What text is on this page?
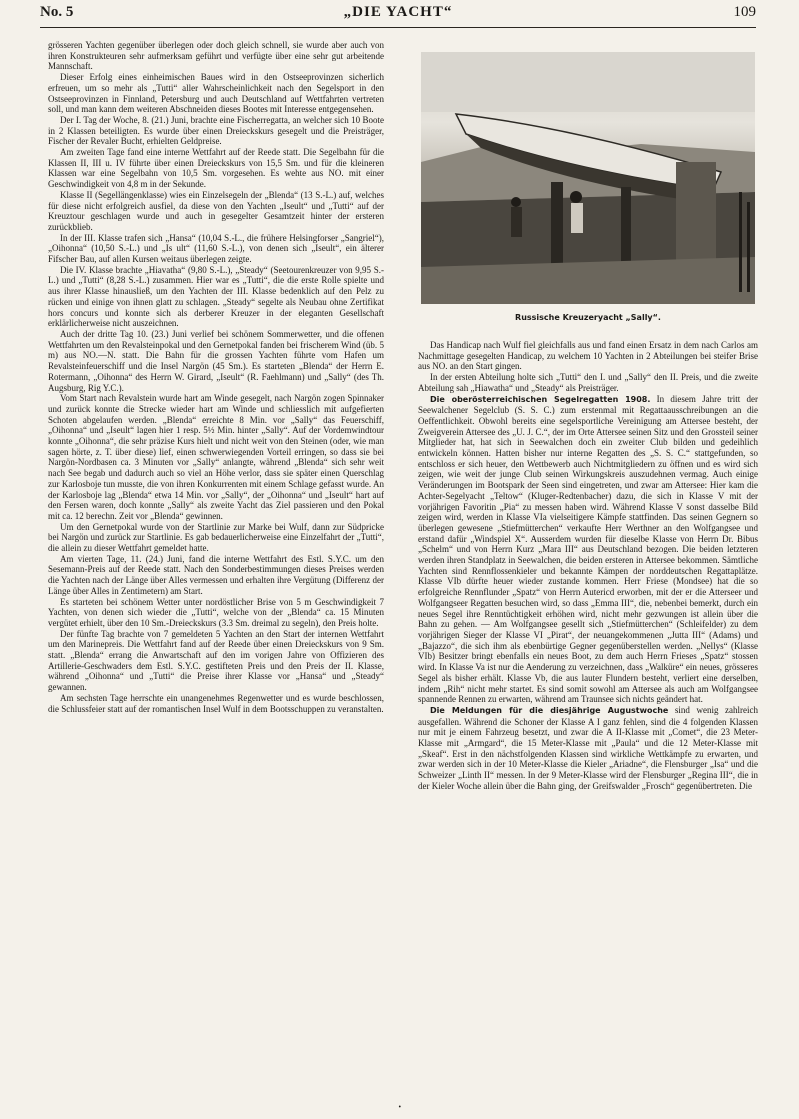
No. 5	„DIE YACHT“	109

grösseren Yachten gegenüber überlegen oder doch gleich schnell, sie wurde aber auch von ihren Konstrukteuren sehr aufmerksam geführt und verfügte über eine sehr gut arbeitende Mannschaft.

Dieser Erfolg eines einheimischen Baues wird in den Ostseeprovinzen sicherlich erfreuen, um so mehr als „Tutti“ aller Wahrscheinlichkeit nach den Segelsport in den Ostseeprovinzen in Finnland, Petersburg und auch Deutschland auf Wettfahrten vertreten soll, und man kann dem weiteren Abschneiden dieses Bootes mit Interesse entgegensehen.

Der I. Tag der Woche, 8. (21.) Juni, brachte eine Fischerregatta, an welcher sich 10 Boote in 2 Klassen beteiligten. Es wurde über einen Dreieckskurs gesegelt und die Preisträger, Fischer der Revaler Bucht, erhielten Geldpreise.

Am zweiten Tage fand eine interne Wettfahrt auf der Reede statt. Die Segelbahn für die Klassen II, III u. IV führte über einen Dreieckskurs von 15,5 Sm. und für die kleineren Klassen war eine Segelbahn von 10,5 Sm. vorgesehen. Es wehte aus NO. mit einer Geschwindigkeit von 4,8 m in der Sekunde.

Klasse II (Segellängenklasse) wies ein Einzelsegeln der „Blenda“ (13 S.-L.) auf, welches für diese nicht erfolgreich ausfiel, da diese von den Yachten „Iseult“ und „Tutti“ auf der Kreuztour geschlagen wurde und auch in gesegelter Gesamtzeit hinter der ersteren zurückblieb.

In der III. Klasse trafen sich „Hansa“ (10,04 S.-L., die frühere Helsingforser „Sangriel“), „Oihonna“ (10,50 S.-L.) und „Is ult“ (11,60 S.-L.), von denen sich „Iseult“, ein älterer Fifscher Bau, auf allen Kursen weitaus überlegen zeigte.

Die IV. Klasse brachte „Hiavatha“ (9,80 S.-L.), „Steady“ (Seetourenkreuzer von 9,95 S.-L.) und „Tutti“ (8,28 S.-L.) zusammen. Hier war es „Tutti“, die die erste Rolle spielte und aus ihrer Klasse hinausließ, um den Yachten der III. Klasse bedenklich auf den Pelz zu rücken und einige von ihnen glatt zu schlagen. „Steady“ segelte als Neubau ohne Zertifikat hors concurs und konnte sich als derberer Kreuzer in der eleganten Gesellschaft erklärlicherweise nicht auszeichnen.

Auch der dritte Tag 10. (23.) Juni verlief bei schönem Sommerwetter, und die offenen Wettfahrten um den Revalsteinpokal und den Gernetpokal fanden bei frischerem Wind (üb. 5 m) aus NO.—N. statt. Die Bahn für die grossen Yachten führte vom Hafen um Revalsteinfeuerschiff und die Insel Nargön (45 Sm.). Es starteten „Blenda“ der Herrn E. Rotermann, „Oihonna“ des Herrn W. Girard, „Iseult“ (R. Faehlmann) und „Sally“ (des Th. Augsburg, Rig Y.C.).

Vom Start nach Revalstein wurde hart am Winde gesegelt, nach Nargön zogen Spinnaker und zurück konnte die Strecke wieder hart am Winde und schliesslich mit aufgefierten Schoten abgelaufen werden. „Blenda“ erreichte 8 Min. vor „Sally“ das Feuerschiff, „Oihonna“ und „Iseult“ lagen hier 1 resp. 5½ Min. hinter „Sally“. Auf der Vordemwindtour konnte „Oihonna“, die sehr präzise Kurs hielt und nicht weit von den Steinen (oder, wie man sagen hörte, z. T. über diese) lief, einen schwerwiegenden Vorteil erringen, so dass sie bei Nargön-Nordbasen ca. 3 Minuten vor „Sally“ anlangte, während „Blenda“ sich sehr weit nach See begab und dadurch auch so viel an Höhe verlor, dass sie später einen Querschlag zur Karlosboje tun musste, die von ihren Konkurrenten mit einem Schlage gefasst wurde. An der Karlosboje lag „Blenda“ etwa 14 Min. vor „Sally“, der „Oihonna“ und „Iseult“ hart auf den Fersen waren, doch konnte „Sally“ als zweite Yacht das Ziel passieren und den Pokal mit ca. 12 berechn. Zeit vor „Blenda“ gewinnen.

Um den Gernetpokal wurde von der Startlinie zur Marke bei Wulf, dann zur Südpricke bei Nargön und zurück zur Startlinie. Es gab bedauerlicherweise eine Einzelfahrt der „Tutti“, die allein zu dieser Wettfahrt gemeldet hatte.

Am vierten Tage, 11. (24.) Juni, fand die interne Wettfahrt des Estl. S.Y.C. um den Sesemann-Preis auf der Reede statt. Nach den Sonderbestimmungen dieses Preises werden die Yachten nach der Länge über Alles vermessen und erhalten ihre Vergütung (Differenz der Länge über Alles in Zentimetern) am Start.

Es starteten bei schönem Wetter unter nordöstlicher Brise von 5 m Geschwindigkeit 7 Yachten, von denen sich wieder die „Tutti“, welche von der „Blenda“ ca. 15 Minuten vergütet erhielt, über den 10 Sm.-Dreieckskurs (3.3 Sm. dreimal zu segeln), den Preis holte.

Der fünfte Tag brachte von 7 gemeldeten 5 Yachten an den Start der internen Wettfahrt um den Marinepreis. Die Wettfahrt fand auf der Reede über einen Dreieckskurs von 9 Sm. statt. „Blenda“ errang die Anwartschaft auf den im vorigen Jahre von Offizieren des Artillerie-Geschwaders dem Estl. S.Y.C. gestifteten Preis und den Preis der II. Klasse, während „Oihonna“ und „Tutti“ die Preise ihrer Klasse vor „Hansa“ und „Steady“ gewannen.

Am sechsten Tage herrschte ein unangenehmes Regenwetter und es wurde beschlossen, die Schlussfeier statt auf der romantischen Insel Wulf in dem Bootsschuppen zu veranstalten.

Russische Kreuzeryacht „Sally“.

Das Handicap nach Wulf fiel gleichfalls aus und fand einen Ersatz in dem nach Carlos am Nachmittage gesegelten Handicap, zu welchem 10 Yachten in 2 Abteilungen bei steifer Brise aus NO. an den Start gingen.

In der ersten Abteilung holte sich „Tutti“ den I. und „Sally“ den II. Preis, und die zweite Abteilung sah „Hiawatha“ und „Steady“ als Preisträger.

Die oberösterreichischen Segelregatten 1908. In diesem Jahre tritt der Seewalchener Segelclub (S. S. C.) zum erstenmal mit Regattaausschreibungen an die Oeffentlichkeit. Obwohl bereits eine segelsportliche Vereinigung am Attersee besteht, der Zweigverein Attersee des „U. J. C.“, der im Orte Attersee seinen Sitz und den Grossteil seiner Mitglieder hat, hat sich in Seewalchen doch ein zweiter Club bilden und gedeihlich entwickeln können. Hatten bisher nur interne Regatten des „S. S. C.“ stattgefunden, so entschloss er sich heuer, den Wettbewerb auch Nichtmitgliedern zu öffnen und es wird sich zeigen, wie weit der junge Club seinen Wirkungskreis auszudehnen vermag. Auch einige Veränderungen im Bootspark der Seen sind eingetreten, und zwar am Attersee: Hier kam die Achter-Segelyacht „Teltow“ (Kluger-Redtenbacher) dazu, die sich in Klasse V mit der vorjährigen Favoritin „Pia“ zu messen haben wird. Während Klasse V sonst dasselbe Bild zeigen wird, werden in Klasse VIa vielseitigere Kämpfe stattfinden. Das seinen Gegnern so überlegen gewesene „Stiefmütterchen“ verkaufte Herr Werthner an den Wolfgangsee und erstand dafür „Windspiel X“. Ausserdem wurden für dieselbe Klasse von Herrn Dr. Bibus „Schelm“ und von Herrn Kurz „Mara III“ aus Deutschland bezogen. Die beiden letzteren werden ihren Standplatz in Seewalchen, die beiden ersteren in Attersee bekommen. Sämtliche Yachten sind Rennflossenkieler und bekannte Kämpen der norddeutschen Regattaplätze. Klasse VIb dürfte heuer wieder zustande kommen. Herr Friese (Mondsee) hat die so erfolgreiche Rennflunder „Spatz“ von Herrn Autericd erworben, mit der er die Atterseer und Wolfgangseer Regatten besuchen wird, so dass „Emma III“, die, nebenbei bemerkt, durch ein neues Segel ihre Renntüchtigkeit erhöhen wird, nicht mehr gezwungen ist allein über die Bahn zu gehen. — Am Wolfgangsee gesellt sich „Stiefmütterchen“ (Schleifelder) zu dem vorjährigen Sieger der Klasse VI „Pirat“, der neuangekommenen „Jutta III“ (Adams) und „Bajazzo“, die sich ihm als ebenbürtige Gegner gegenüberstellen werden. „Nellys“ (Klasse VIb) Besitzer bringt ebenfalls ein neues Boot, zu dem auch Herrn Frieses „Spatz“ stossen wird. In Klasse Va ist nur die Aenderung zu verzeichnen, dass „Walküre“ ein neues, grösseres Segel als bisher erhält. Klasse Vb, die aus lauter Flundern besteht, verliert eine derselben, indem „Rih“ nicht mehr startet. Es sind somit sowohl am Attersee als auch am Wolfgangsee spannende Rennen zu erwarten, während am Traunsee sich nichts geändert hat.

Die Meldungen für die diesjährige Augustwoche sind wenig zahlreich ausgefallen. Während die Schoner der Klasse A I ganz fehlen, sind die 4 folgenden Klassen nur mit je einem Fahrzeug besetzt, und zwar die A II-Klasse mit „Comet“, die 23 Meter-Klasse mit „Armgard“, die 15 Meter-Klasse mit „Paula“ und die 12 Meter-Klasse mit „Skeaf“. Erst in den nächstfolgenden Klassen sind wirkliche Wettkämpfe zu erwarten, und zwar werden sich in der 10 Meter-Klasse die Kieler „Ariadne“, die Flensburger „Isa“ und die Schweizer „Linth II“ messen. In der 9 Meter-Klasse wird der Flensburger „Regina III“, die in der Kieler Woche allein über die Bahn ging, der Greifswalder „Frosch“ gegenübertreten. Die

•
